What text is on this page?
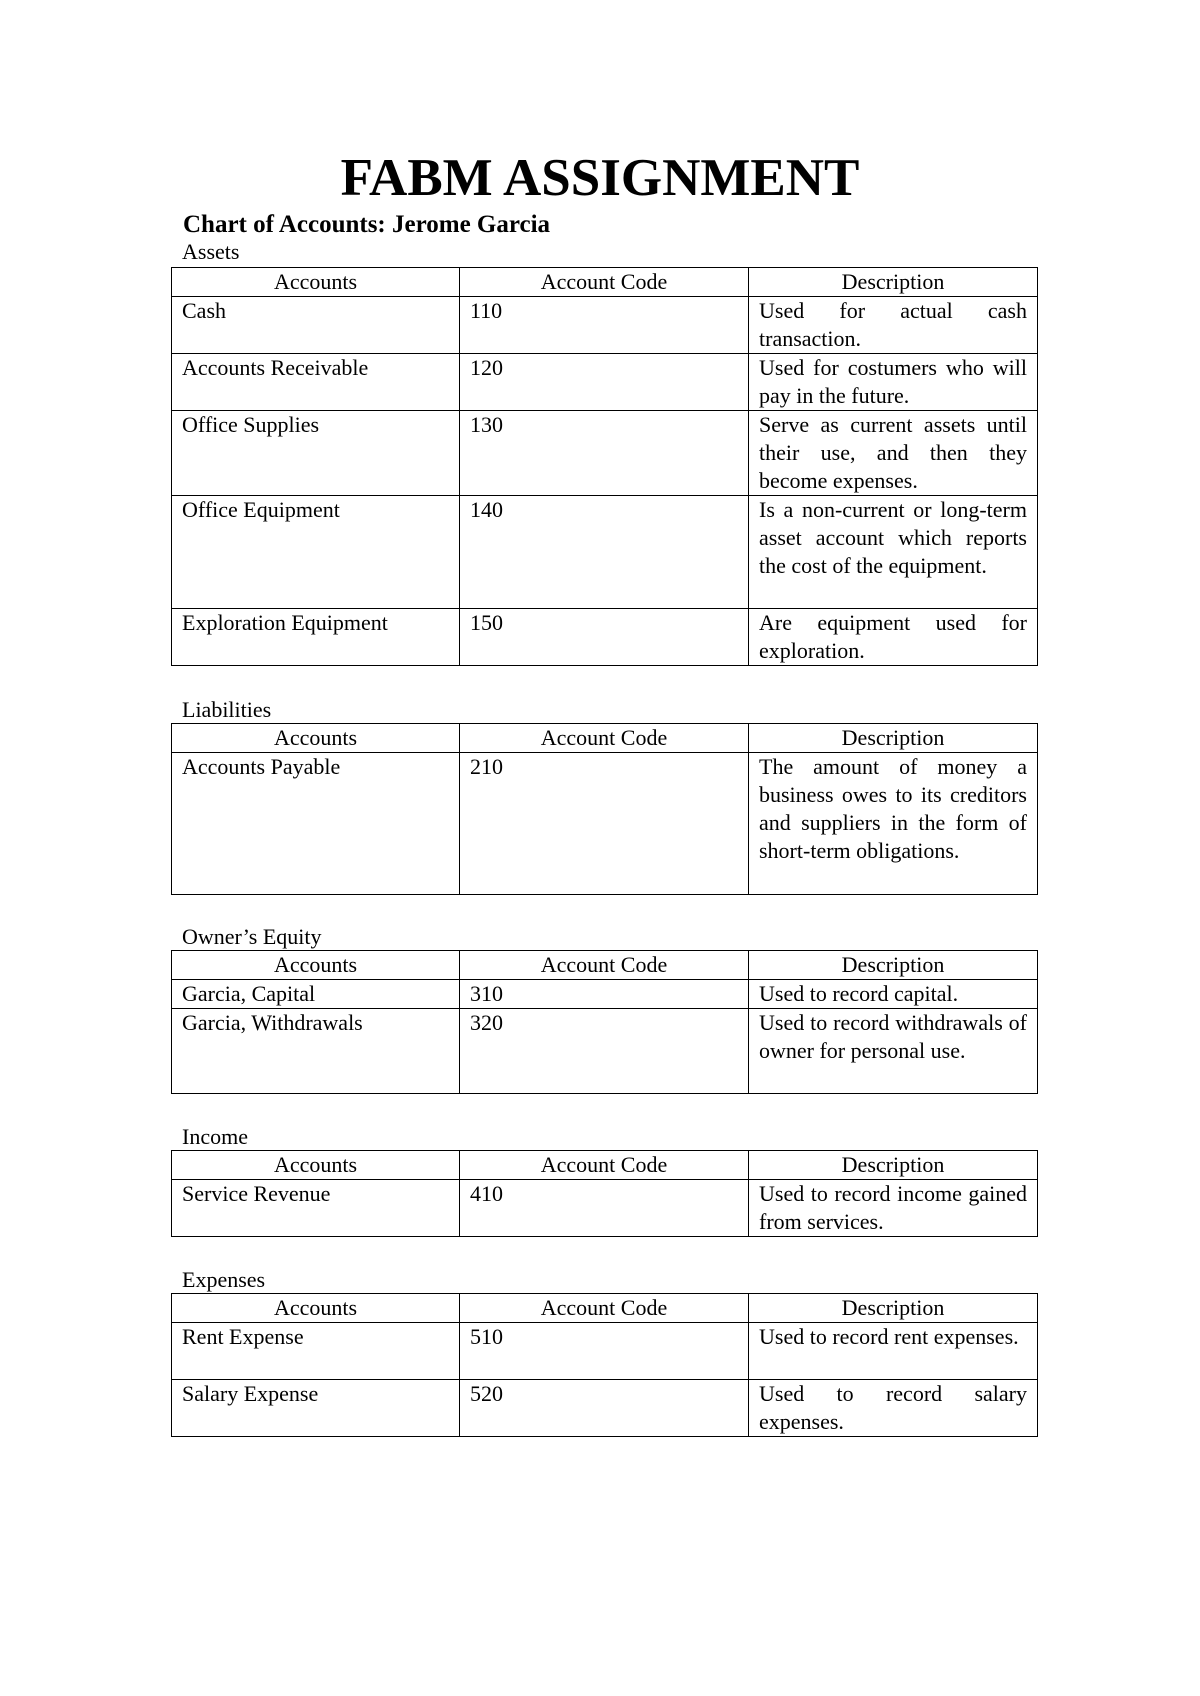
FABM ASSIGNMENT
Chart of Accounts: Jerome Garcia
Assets
Accounts	Account Code	Description
Cash	110	Used for actual cash transaction.
Accounts Receivable	120	Used for costumers who will pay in the future.
Office Supplies	130	Serve as current assets until their use, and then they become expenses.
Office Equipment	140	Is a non-current or long-term asset account which reports the cost of the equipment.
Exploration Equipment	150	Are equipment used for exploration.
Liabilities
Accounts	Account Code	Description
Accounts Payable	210	The amount of money a business owes to its creditors and suppliers in the form of short-term obligations.
Owner’s Equity
Accounts	Account Code	Description
Garcia, Capital	310	Used to record capital.
Garcia, Withdrawals	320	Used to record withdrawals of owner for personal use.
Income
Accounts	Account Code	Description
Service Revenue	410	Used to record income gained from services.
Expenses
Accounts	Account Code	Description
Rent Expense	510	Used to record rent expenses.
Salary Expense	520	Used to record salary expenses.
